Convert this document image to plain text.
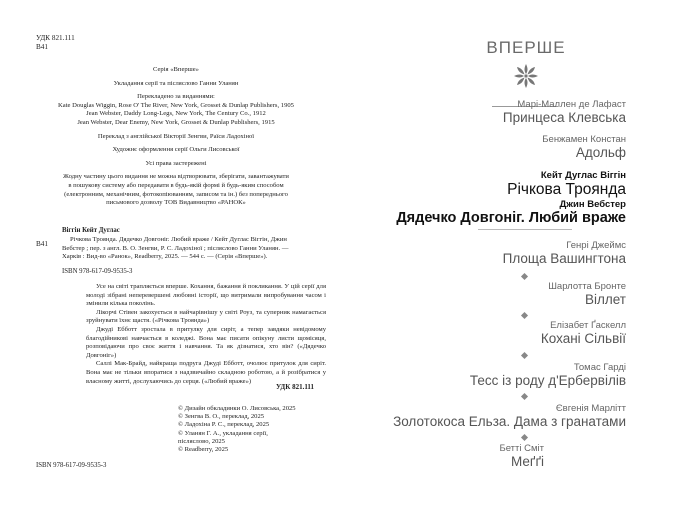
УДК 821.111
В41
Серія «Вперше»
Укладання серії та післяслово Ганни Уланян
Перекладено за виданнями:
Kate Douglas Wiggin, Rose O' The River, New York, Grosset & Dunlap Publishers, 1905
Jean Webster, Daddy Long-Legs, New York, The Century Co., 1912
Jean Webster, Dear Enemy, New York, Grosset & Dunlap Publishers, 1915
Переклад з англійської Вікторії Зенгви, Раїси Ладохіної
Художнє оформлення серії Ольги Лисовської
Усі права застережені
Жодну частину цього видання не можна відтворювати, зберігати, завантажувати
в пошукову систему або передавати в будь-якій формі й будь-яким способом
(електронним, механічним, фотокопіюванням, записом та ін.) без попереднього
письмового дозволу ТОВ Видавництво «РАНОК»
В41
Віггін Кейт Дуглас
Річкова Троянда. Дядечко Довгоніг. Любий враже / Кейт Дуглас Віггін, Джин
Вебстер ; пер. з англ. В. О. Зенгви, Р. С. Ладохіної ; післяслово Ганни Уланян. —
Харків : Вид-во «Ранок», Readberry, 2025. — 544 с. — (Серія «Вперше»).
ISBN 978-617-09-9535-3

Усе на світі трапляється вперше. Кохання, бажання й покликання. У цій серії для молоді зібрані неперевершені любовні історії, що витримали випробування часом і змінили кілька поколінь.

Лікорчі Стівен закохується в найчарівнішу у світі Роуз, та суперник намагається зруйнувати їхнє щастя. («Річкова Троянда»)

Джуді Ебботт зростала в притулку для сиріт, а тепер завдяки невідомому благодійникові навчається в коледжі. Вона має писати опікуну листи щомісяця, розповідаючи про своє життя і навчання. Та як дізнатися, хто він? («Дядечко Довгоніг»)

Саллі Мак-Брайд, найкраща подруга Джуді Ебботт, очолює притулок для сиріт. Вона має не тільки впоратися з надзвичайно складною роботою, а й розібратися у власному житті, дослухаючись до серця. («Любий враже»)

УДК 821.111
© Дизайн обкладинки О. Лисовська, 2025
© Зенгва В. О., переклад, 2025
© Ладохіна Р. С., переклад, 2025
© Уланян Г. А., укладання серії,
післяслово, 2025
© Readberry, 2025
ISBN 978-617-09-9535-3
ВПЕРШЕ
Марі-Маллен де Лафаст
Принцеса Клевська
Бенжамен Констан
Адольф
Кейт Дуглас Віггін
Річкова Троянда
Джин Вебстер
Дядечко Довгоніг. Любий враже
Генрі Джеймс
Площа Вашингтона
Шарлотта Бронте
Віллет
Елізабет Ґаскелл
Кохані Сільвії
Томас Гарді
Тесс із роду д'Ербервілів
Євгенія Марлітт
Золотокоса Ельза. Дама з гранатами
Бетті Сміт
Меґґі
